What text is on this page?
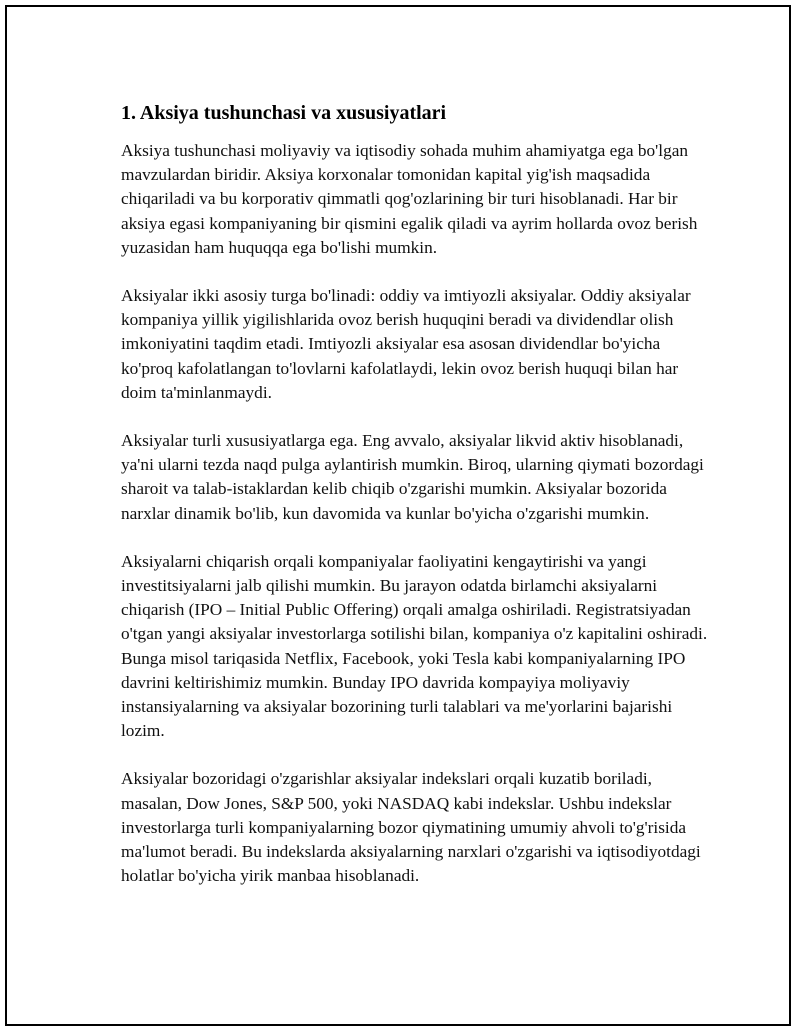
1. Aksiya tushunchasi va xususiyatlari

Aksiya tushunchasi moliyaviy va iqtisodiy sohada muhim ahamiyatga ega bo'lgan mavzulardan biridir. Aksiya korxonalar tomonidan kapital yig'ish maqsadida chiqariladi va bu korporativ qimmatli qog'ozlarining bir turi hisoblanadi. Har bir aksiya egasi kompaniyaning bir qismini egalik qiladi va ayrim hollarda ovoz berish yuzasidan ham huquqqa ega bo'lishi mumkin.

Aksiyalar ikki asosiy turga bo'linadi: oddiy va imtiyozli aksiyalar. Oddiy aksiyalar kompaniya yillik yigilishlarida ovoz berish huquqini beradi va dividendlar olish imkoniyatini taqdim etadi. Imtiyozli aksiyalar esa asosan dividendlar bo'yicha ko'proq kafolatlangan to'lovlarni kafolatlaydi, lekin ovoz berish huquqi bilan har doim ta'minlanmaydi.

Aksiyalar turli xususiyatlarga ega. Eng avvalo, aksiyalar likvid aktiv hisoblanadi, ya'ni ularni tezda naqd pulga aylantirish mumkin. Biroq, ularning qiymati bozordagi sharoit va talab-istaklardan kelib chiqib o'zgarishi mumkin. Aksiyalar bozorida narxlar dinamik bo'lib, kun davomida va kunlar bo'yicha o'zgarishi mumkin.

Aksiyalarni chiqarish orqali kompaniyalar faoliyatini kengaytirishi va yangi investitsiyalarni jalb qilishi mumkin. Bu jarayon odatda birlamchi aksiyalarni chiqarish (IPO – Initial Public Offering) orqali amalga oshiriladi. Registratsiyadan o'tgan yangi aksiyalar investorlarga sotilishi bilan, kompaniya o'z kapitalini oshiradi. Bunga misol tariqasida Netflix, Facebook, yoki Tesla kabi kompaniyalarning IPO davrini keltirishimiz mumkin. Bunday IPO davrida kompayiya moliyaviy instansiyalarning va aksiyalar bozorining turli talablari va me'yorlarini bajarishi lozim.

Aksiyalar bozoridagi o'zgarishlar aksiyalar indekslari orqali kuzatib boriladi, masalan, Dow Jones, S&P 500, yoki NASDAQ kabi indekslar. Ushbu indekslar investorlarga turli kompaniyalarning bozor qiymatining umumiy ahvoli to'g'risida ma'lumot beradi. Bu indekslarda aksiyalarning narxlari o'zgarishi va iqtisodiyotdagi holatlar bo'yicha yirik manbaa hisoblanadi.
